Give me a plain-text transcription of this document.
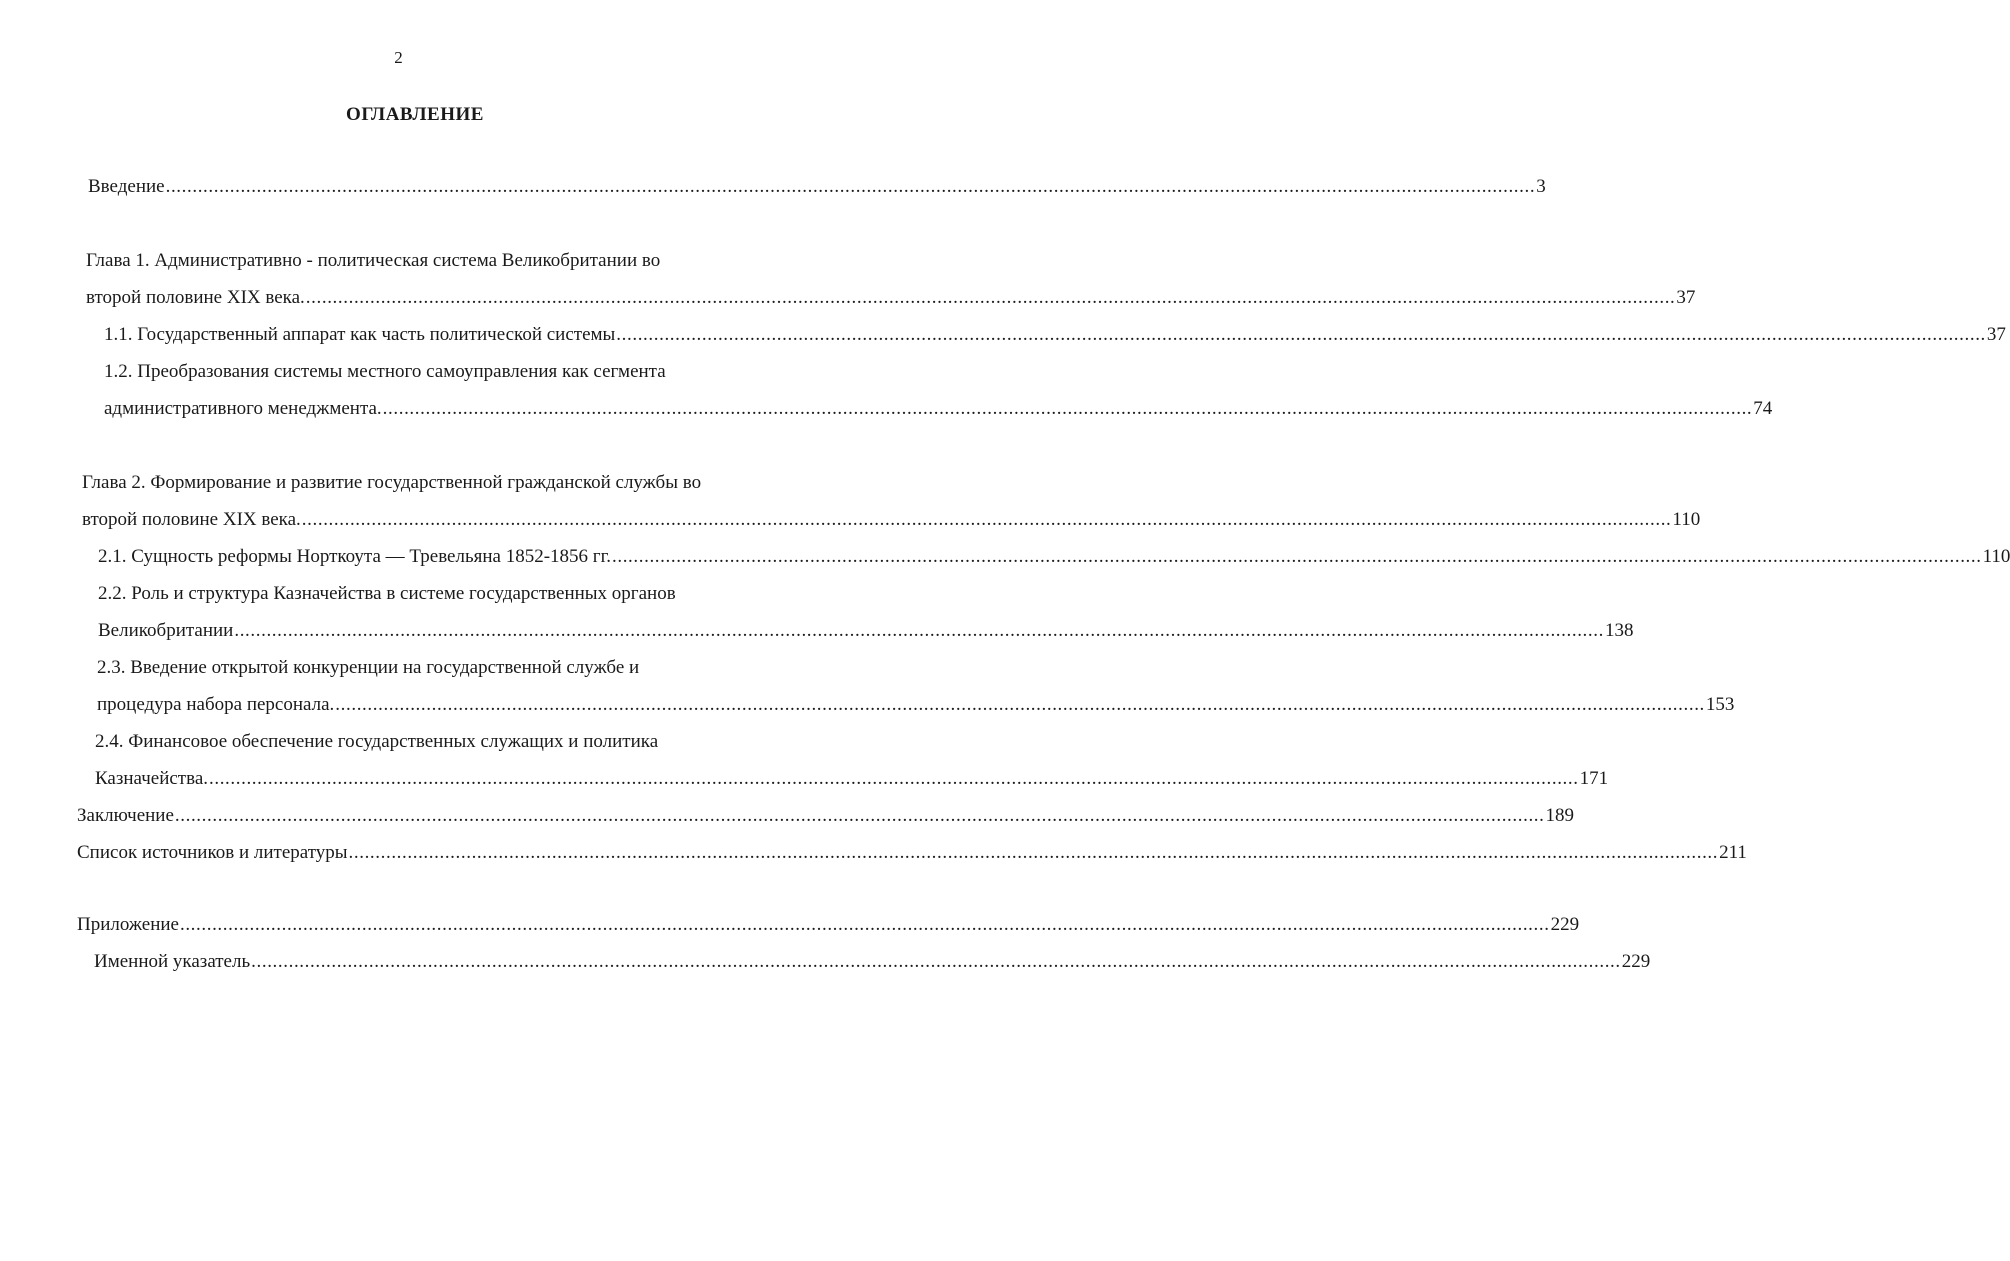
2
ОГЛАВЛЕНИЕ
Введение ................................................................................................................................................................................................................................................................ 3
Глава 1. Административно - политическая система Великобритании во
второй половине XIX века. ................................................................................................................................................................................................................................................................ 37
1.1. Государственный аппарат как часть политической системы ................................................................................................................................................................................................................................................................ 37
1.2. Преобразования системы местного самоуправления как сегмента
административного менеджмента. ................................................................................................................................................................................................................................................................ 74
Глава 2. Формирование и развитие государственной гражданской службы во
второй половине XIX века. ................................................................................................................................................................................................................................................................ 110
2.1. Сущность реформы Норткоута — Тревельяна 1852-1856 гг. ................................................................................................................................................................................................................................................................ 110
2.2. Роль и структура Казначейства в системе государственных органов
Великобритании ................................................................................................................................................................................................................................................................ 138
2.3. Введение открытой конкуренции на государственной службе и
процедура набора персонала. ................................................................................................................................................................................................................................................................ 153
2.4. Финансовое обеспечение государственных служащих и политика
Казначейства. ................................................................................................................................................................................................................................................................ 171
Заключение ................................................................................................................................................................................................................................................................ 189
Список источников и литературы ................................................................................................................................................................................................................................................................ 211
Приложение ................................................................................................................................................................................................................................................................ 229
Именной указатель ................................................................................................................................................................................................................................................................ 229
